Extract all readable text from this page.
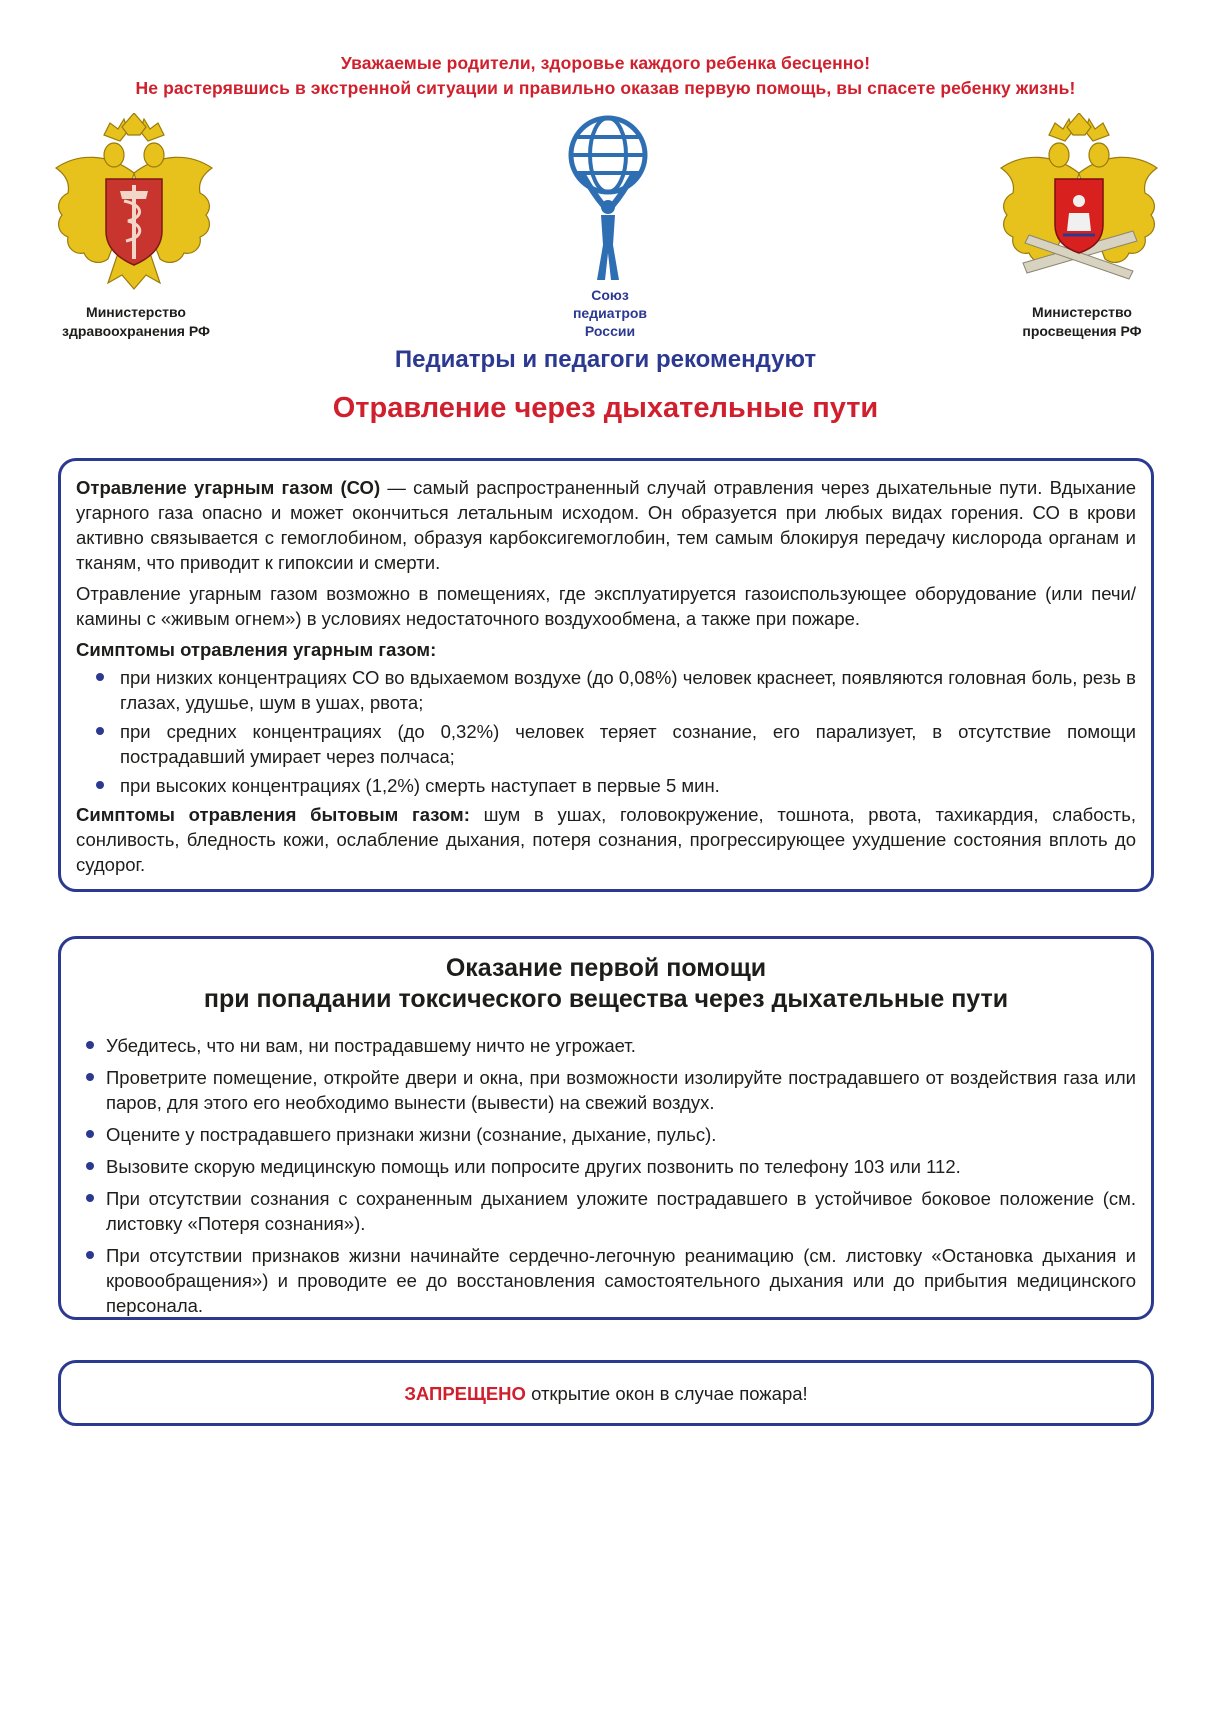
Уважаемые родители, здоровье каждого ребенка бесценно!
Не растерявшись в экстренной ситуации и правильно оказав первую помощь, вы спасете ребенку жизнь!
Министерство
здравоохранения РФ
Союз
педиатров
России
Министерство
просвещения РФ
Педиатры и педагоги рекомендуют
Отравление через дыхательные пути

Отравление угарным газом (СО) — самый распространенный случай отравления через дыхательные пути. Вдыхание угарного газа опасно и может окончиться летальным исходом. Он образуется при любых видах горения. СО в крови активно связывается с гемоглобином, образуя карбоксигемоглобин, тем самым блокируя передачу кислорода органам и тканям, что приводит к гипоксии и смерти.

Отравление угарным газом возможно в помещениях, где эксплуатируется газоиспользующее оборудование (или печи/камины с «живым огнем») в условиях недостаточного воздухообмена, а также при пожаре.

Симптомы отравления угарным газом:
при низких концентрациях СО во вдыхаемом воздухе (до 0,08%) человек краснеет, появляются головная боль, резь в глазах, удушье, шум в ушах, рвота;
при средних концентрациях (до 0,32%) человек теряет сознание, его парализует, в отсутствие помощи пострадавший умирает через полчаса;
при высоких концентрациях (1,2%) смерть наступает в первые 5 мин.

Симптомы отравления бытовым газом: шум в ушах, головокружение, тошнота, рвота, тахикардия, слабость, сонливость, бледность кожи, ослабление дыхания, потеря сознания, прогрессирующее ухудшение состояния вплоть до судорог.

Оказание первой помощи
при попадании токсического вещества через дыхательные пути
Убедитесь, что ни вам, ни пострадавшему ничто не угрожает.
Проветрите помещение, откройте двери и окна, при возможности изолируйте пострадавшего от воздействия газа или паров, для этого его необходимо вынести (вывести) на свежий воздух.
Оцените у пострадавшего признаки жизни (сознание, дыхание, пульс).
Вызовите скорую медицинскую помощь или попросите других позвонить по телефону 103 или 112.
При отсутствии сознания с сохраненным дыханием уложите пострадавшего в устойчивое боковое положение (см. листовку «Потеря сознания»).
При отсутствии признаков жизни начинайте сердечно-легочную реанимацию (см. листовку «Остановка дыхания и кровообращения») и проводите ее до восстановления самостоятельного дыхания или до прибытия медицинского персонала.
ЗАПРЕЩЕНО открытие окон в случае пожара!
